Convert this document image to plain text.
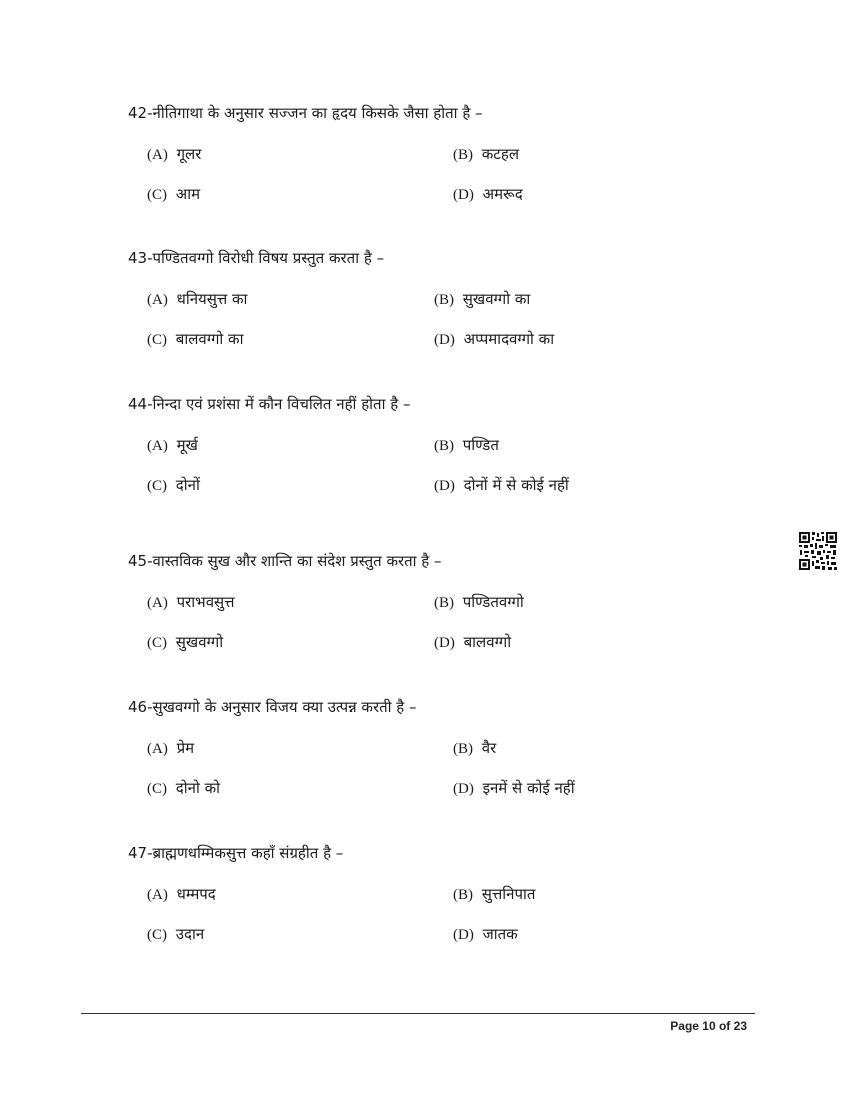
42-नीतिगाथा के अनुसार सज्जन का हृदय किसके जैसा होता है –
(A) गूलर	(B) कटहल
(C) आम	(D) अमरूद
43-पण्डितवग्गो विरोधी विषय प्रस्तुत करता है –
(A) धनियसुत्त का	(B) सुखवग्गो का
(C) बालवग्गो का	(D) अप्पमादवग्गो का
44-निन्दा एवं प्रशंसा में कौन विचलित नहीं होता है –
(A) मूर्ख	(B) पण्डित
(C) दोनों	(D) दोनों में से कोई नहीं
45-वास्तविक सुख और शान्ति का संदेश प्रस्तुत करता है –
(A) पराभवसुत्त	(B) पण्डितवग्गो
(C) सुखवग्गो	(D) बालवग्गो
46-सुखवग्गो के अनुसार विजय क्या उत्पन्न करती है –
(A) प्रेम	(B) वैर
(C) दोनो को	(D) इनमें से कोई नहीं
47-ब्राह्मणधम्मिकसुत्त कहाँ संग्रहीत है –
(A) धम्मपद	(B) सुत्तनिपात
(C) उदान	(D) जातक
Page 10 of 23
